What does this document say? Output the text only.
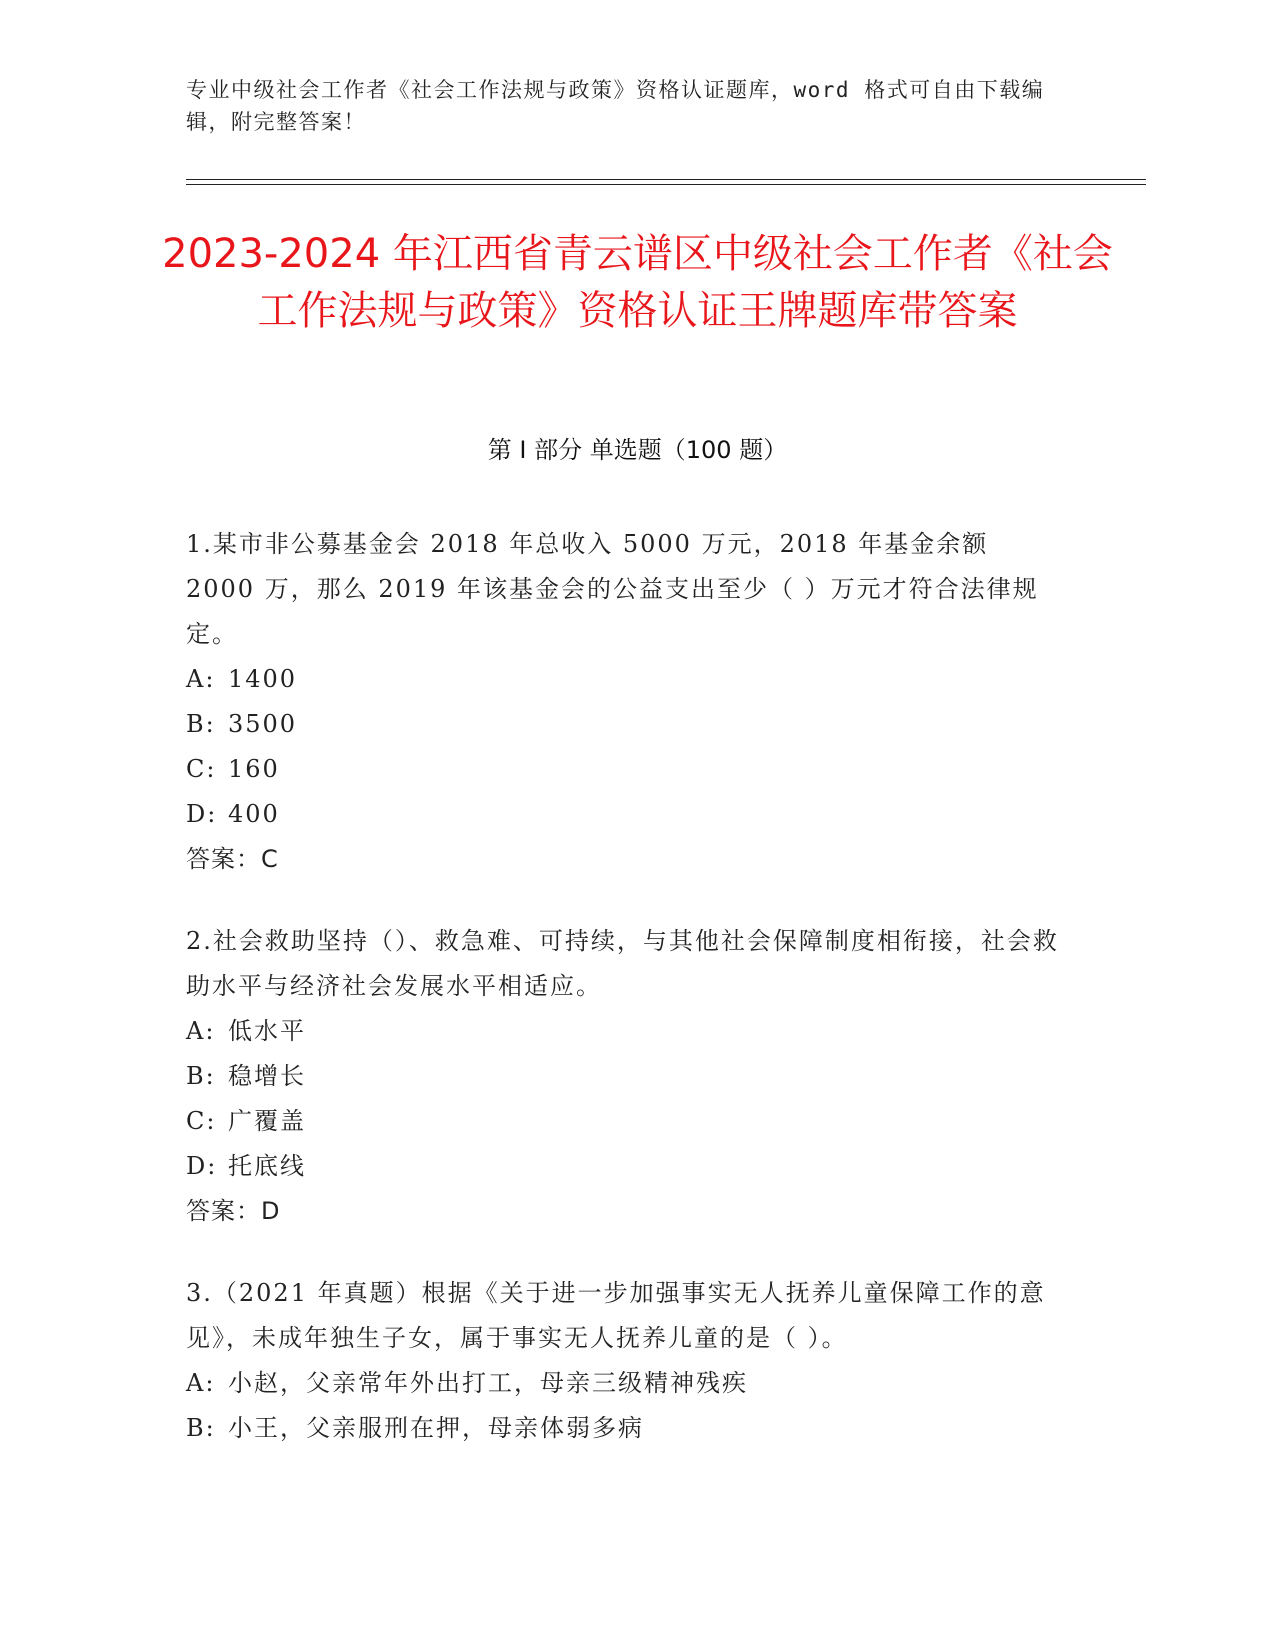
专业中级社会工作者《社会工作法规与政策》资格认证题库，word 格式可自由下载编辑，附完整答案！
2023-2024 年江西省青云谱区中级社会工作者《社会工作法规与政策》资格认证王牌题库带答案
第 I 部分 单选题（100 题）

1.某市非公募基金会 2018 年总收入 5000 万元，2018 年基金余额 2000 万，那么 2019 年该基金会的公益支出至少（ ）万元才符合法律规定。

A: 1400
B: 3500
C: 160
D: 400
答案：C

2.社会救助坚持（）、救急难、可持续，与其他社会保障制度相衔接，社会救助水平与经济社会发展水平相适应。

A: 低水平
B: 稳增长
C: 广覆盖
D: 托底线
答案：D

3.（2021 年真题）根据《关于进一步加强事实无人抚养儿童保障工作的意见》，未成年独生子女，属于事实无人抚养儿童的是（ ）。

A: 小赵，父亲常年外出打工，母亲三级精神残疾
B: 小王，父亲服刑在押，母亲体弱多病
